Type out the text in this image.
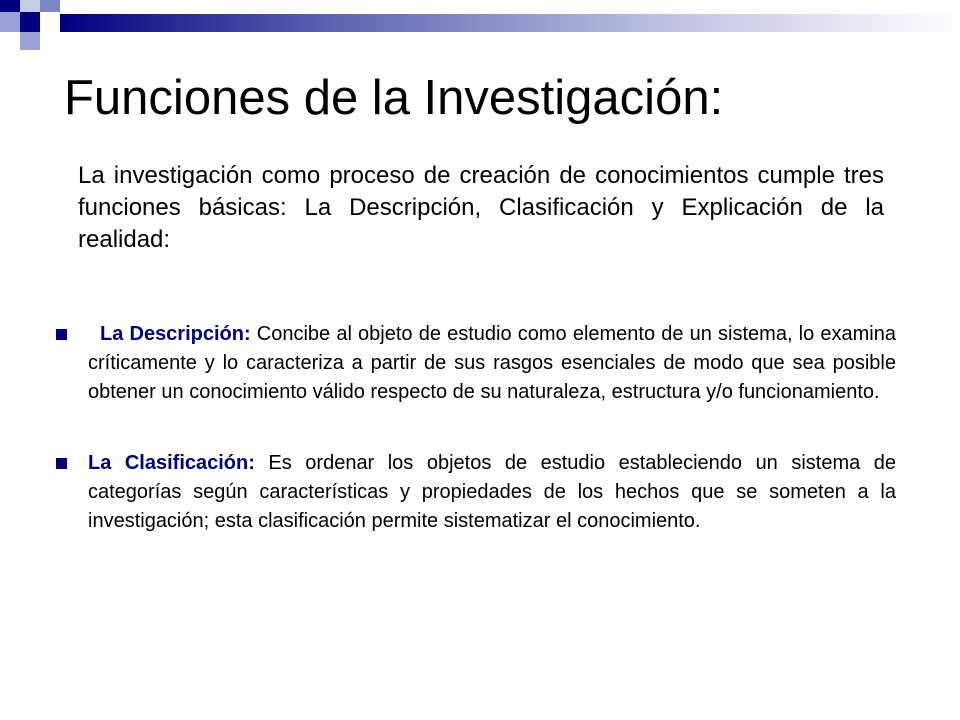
Funciones de la Investigación:

La investigación como proceso de creación de conocimientos cumple tres funciones básicas: La Descripción, Clasificación y Explicación de la realidad:

La Descripción: Concibe al objeto de estudio como elemento de un sistema, lo examina críticamente y lo caracteriza a partir de sus rasgos esenciales de modo que sea posible obtener un conocimiento válido respecto de su naturaleza, estructura y/o funcionamiento.
La Clasificación: Es ordenar los objetos de estudio estableciendo un sistema de categorías según características y propiedades de los hechos que se someten a la investigación; esta clasificación permite sistematizar el conocimiento.
